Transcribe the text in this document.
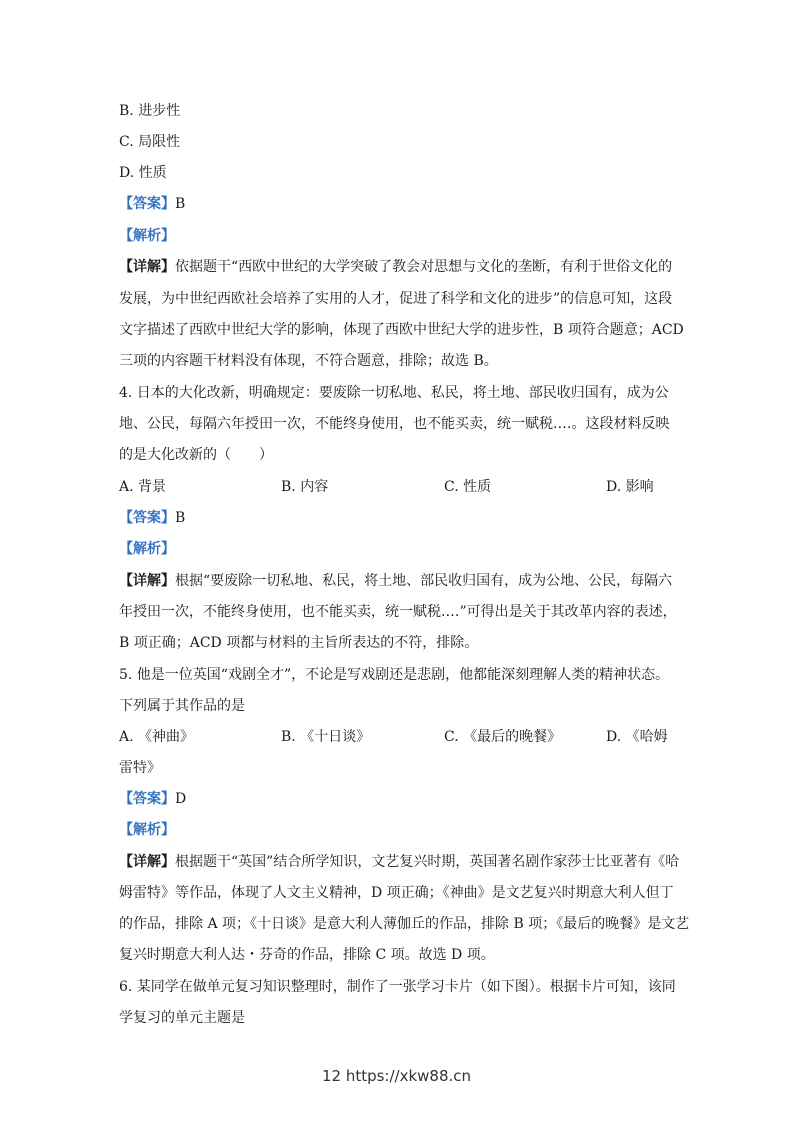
B. 进步性
C. 局限性
D. 性质
【答案】B
【解析】
【详解】依据题干“西欧中世纪的大学突破了教会对思想与文化的垄断，有利于世俗文化的
发展，为中世纪西欧社会培养了实用的人才，促进了科学和文化的进步”的信息可知，这段
文字描述了西欧中世纪大学的影响，体现了西欧中世纪大学的进步性，B 项符合题意；ACD
三项的内容题干材料没有体现，不符合题意，排除；故选 B。
4. 日本的大化改新，明确规定：要废除一切私地、私民，将土地、部民收归国有，成为公
地、公民，每隔六年授田一次，不能终身使用，也不能买卖，统一赋税.…。这段材料反映
的是大化改新的（　　）
A. 背景	B. 内容	C. 性质	D. 影响
【答案】B
【解析】
【详解】根据“要废除一切私地、私民，将土地、部民收归国有，成为公地、公民，每隔六
年授田一次，不能终身使用，也不能买卖，统一赋税.…”可得出是关于其改革内容的表述，
B 项正确；ACD 项都与材料的主旨所表达的不符，排除。
5. 他是一位英国“戏剧全才”，不论是写戏剧还是悲剧，他都能深刻理解人类的精神状态。
下列属于其作品的是
A. 《神曲》	B. 《十日谈》	C. 《最后的晚餐》	D. 《哈姆
雷特》
【答案】D
【解析】
【详解】根据题干“英国”结合所学知识，文艺复兴时期，英国著名剧作家莎士比亚著有《哈
姆雷特》等作品，体现了人文主义精神，D 项正确；《神曲》是文艺复兴时期意大利人但丁
的作品，排除 A 项；《十日谈》是意大利人薄伽丘的作品，排除 B 项；《最后的晚餐》是文艺
复兴时期意大利人达・芬奇的作品，排除 C 项。故选 D 项。
6. 某同学在做单元复习知识整理时，制作了一张学习卡片（如下图）。根据卡片可知，该同
学复习的单元主题是
12 https://xkw88.cn
